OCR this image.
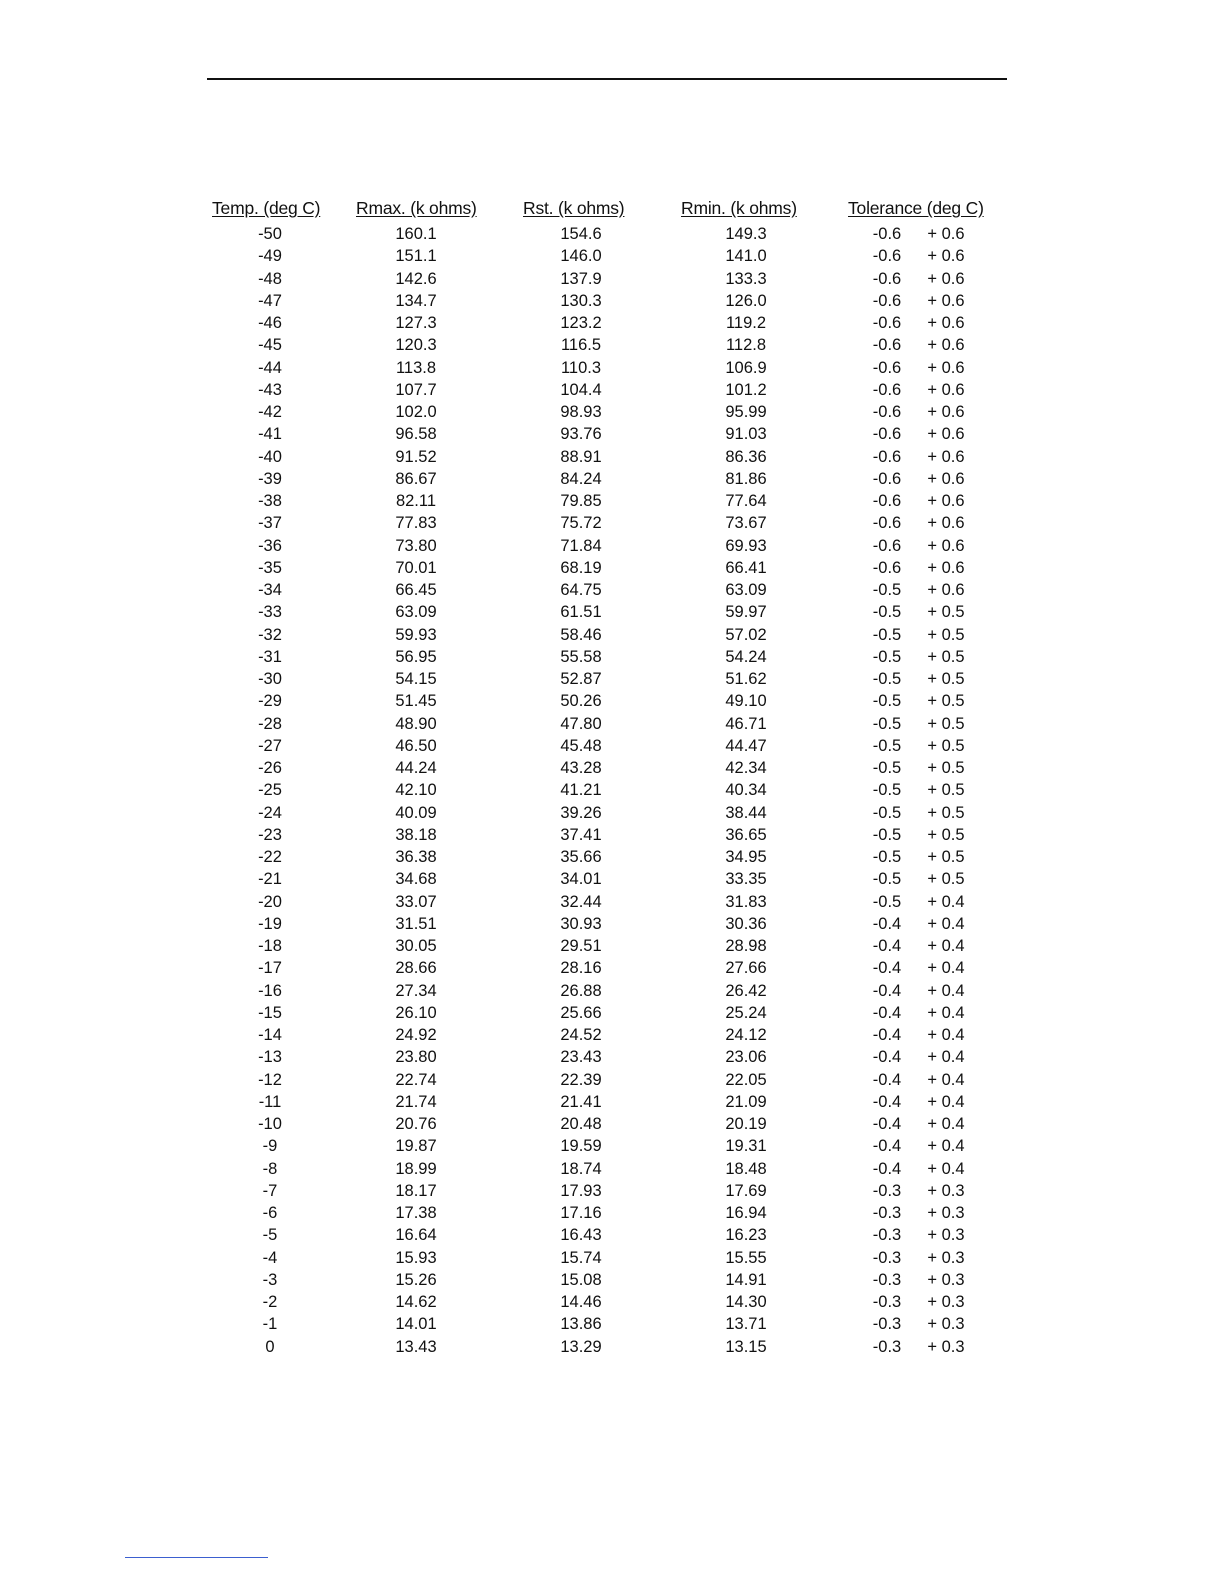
Temp. (deg C) Rmax. (k ohms)	Rst. (k ohms)	Rmin. (k ohms)	Tolerance (deg C)
-50	160.1	154.6	149.3	-0.6	+ 0.6
-49	151.1	146.0	141.0	-0.6	+ 0.6
-48	142.6	137.9	133.3	-0.6	+ 0.6
-47	134.7	130.3	126.0	-0.6	+ 0.6
-46	127.3	123.2	119.2	-0.6	+ 0.6
-45	120.3	116.5	112.8	-0.6	+ 0.6
-44	113.8	110.3	106.9	-0.6	+ 0.6
-43	107.7	104.4	101.2	-0.6	+ 0.6
-42	102.0	98.93	95.99	-0.6	+ 0.6
-41	96.58	93.76	91.03	-0.6	+ 0.6
-40	91.52	88.91	86.36	-0.6	+ 0.6
-39	86.67	84.24	81.86	-0.6	+ 0.6
-38	82.11	79.85	77.64	-0.6	+ 0.6
-37	77.83	75.72	73.67	-0.6	+ 0.6
-36	73.80	71.84	69.93	-0.6	+ 0.6
-35	70.01	68.19	66.41	-0.6	+ 0.6
-34	66.45	64.75	63.09	-0.5	+ 0.6
-33	63.09	61.51	59.97	-0.5	+ 0.5
-32	59.93	58.46	57.02	-0.5	+ 0.5
-31	56.95	55.58	54.24	-0.5	+ 0.5
-30	54.15	52.87	51.62	-0.5	+ 0.5
-29	51.45	50.26	49.10	-0.5	+ 0.5
-28	48.90	47.80	46.71	-0.5	+ 0.5
-27	46.50	45.48	44.47	-0.5	+ 0.5
-26	44.24	43.28	42.34	-0.5	+ 0.5
-25	42.10	41.21	40.34	-0.5	+ 0.5
-24	40.09	39.26	38.44	-0.5	+ 0.5
-23	38.18	37.41	36.65	-0.5	+ 0.5
-22	36.38	35.66	34.95	-0.5	+ 0.5
-21	34.68	34.01	33.35	-0.5	+ 0.5
-20	33.07	32.44	31.83	-0.5	+ 0.4
-19	31.51	30.93	30.36	-0.4	+ 0.4
-18	30.05	29.51	28.98	-0.4	+ 0.4
-17	28.66	28.16	27.66	-0.4	+ 0.4
-16	27.34	26.88	26.42	-0.4	+ 0.4
-15	26.10	25.66	25.24	-0.4	+ 0.4
-14	24.92	24.52	24.12	-0.4	+ 0.4
-13	23.80	23.43	23.06	-0.4	+ 0.4
-12	22.74	22.39	22.05	-0.4	+ 0.4
-11	21.74	21.41	21.09	-0.4	+ 0.4
-10	20.76	20.48	20.19	-0.4	+ 0.4
-9	19.87	19.59	19.31	-0.4	+ 0.4
-8	18.99	18.74	18.48	-0.4	+ 0.4
-7	18.17	17.93	17.69	-0.3	+ 0.3
-6	17.38	17.16	16.94	-0.3	+ 0.3
-5	16.64	16.43	16.23	-0.3	+ 0.3
-4	15.93	15.74	15.55	-0.3	+ 0.3
-3	15.26	15.08	14.91	-0.3	+ 0.3
-2	14.62	14.46	14.30	-0.3	+ 0.3
-1	14.01	13.86	13.71	-0.3	+ 0.3
0	13.43	13.29	13.15	-0.3	+ 0.3
